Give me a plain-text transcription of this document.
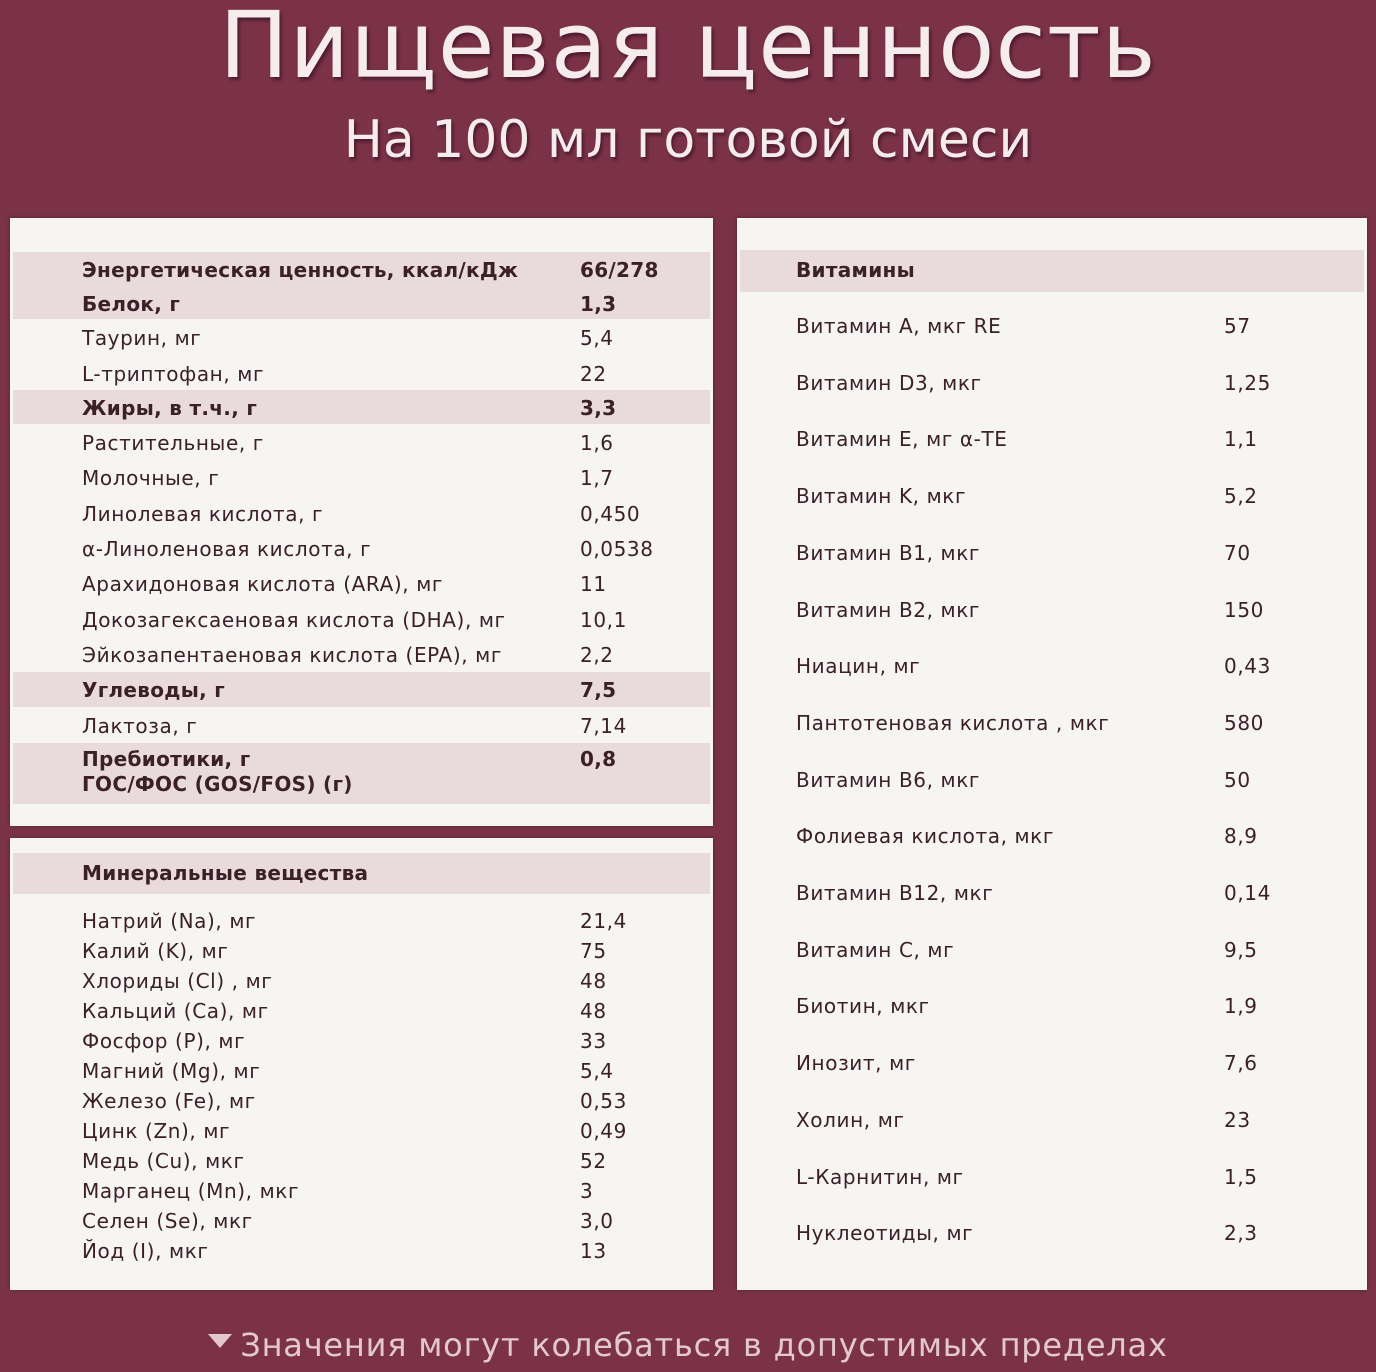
Пищевая ценность
На 100 мл готовой смеси
Энергетическая ценность, ккал/кДж	66/278
Белок, г	1,3
Таурин, мг	5,4
L-триптофан, мг	22
Жиры, в т.ч., г	3,3
Растительные, г	1,6
Молочные, г	1,7
Линолевая кислота, г	0,450
α-Линоленовая кислота, г	0,0538
Арахидоновая кислота (ARA), мг	11
Докозагексаеновая кислота (DHA), мг	10,1
Эйкозапентаеновая кислота (EPA), мг	2,2
Углеводы, г	7,5
Лактоза, г	7,14
Пребиотики, г	0,8
ГОС/ФОС (GOS/FOS) (г)
Минеральные вещества
Натрий (Na), мг	21,4
Калий (K), мг	75
Хлориды (Cl) , мг	48
Кальций (Ca), мг	48
Фосфор (P), мг	33
Магний (Mg), мг	5,4
Железо (Fe), мг	0,53
Цинк (Zn), мг	0,49
Медь (Cu), мкг	52
Марганец (Mn), мкг	3
Селен (Se), мкг	3,0
Йод (I), мкг	13
Витамины
Витамин A, мкг RE	57
Витамин D3, мкг	1,25
Витамин E, мг α-TE	1,1
Витамин K, мкг	5,2
Витамин B1, мкг	70
Витамин B2, мкг	150
Ниацин, мг	0,43
Пантотеновая кислота , мкг	580
Витамин B6, мкг	50
Фолиевая кислота, мкг	8,9
Витамин B12, мкг	0,14
Витамин C, мг	9,5
Биотин, мкг	1,9
Инозит, мг	7,6
Холин, мг	23
L-Карнитин, мг	1,5
Нуклеотиды, мг	2,3
Значения могут колебаться в допустимых пределах
